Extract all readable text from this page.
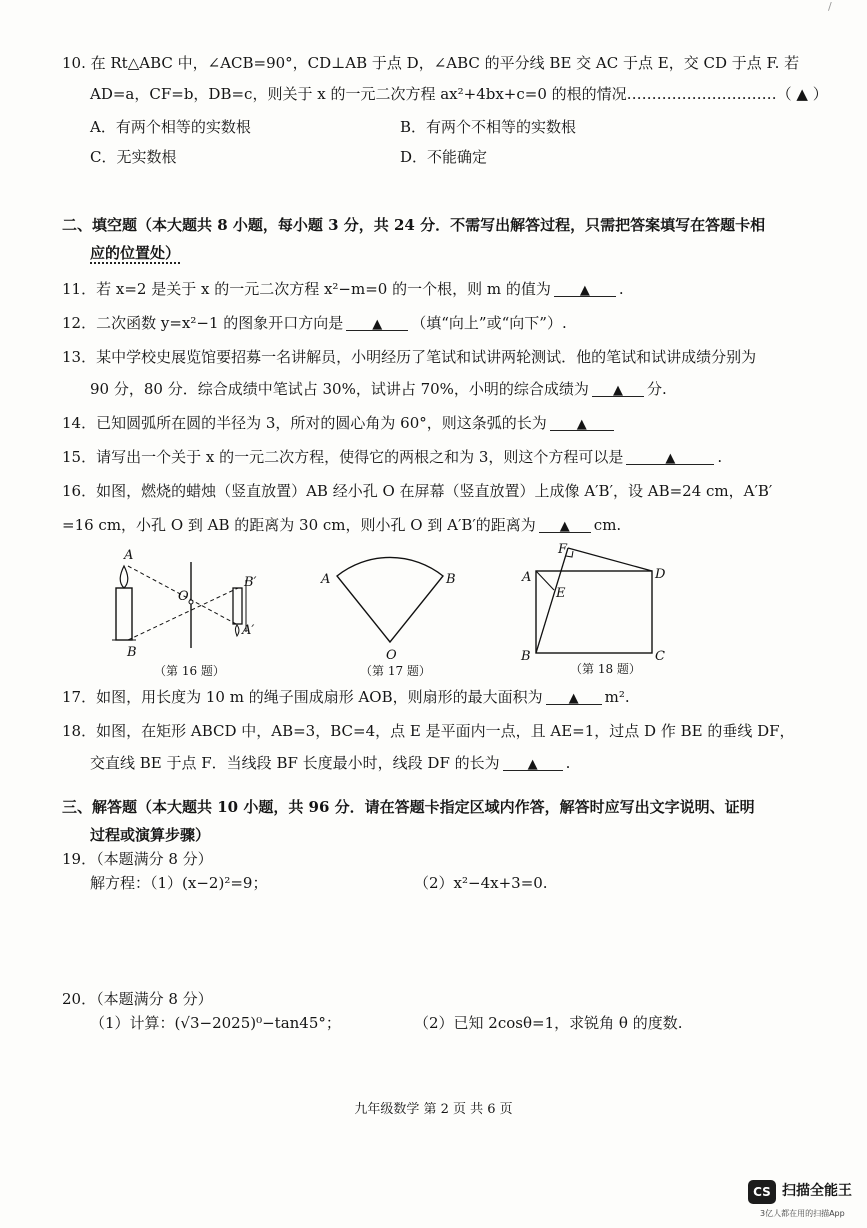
/
10. 在 Rt△ABC 中，∠ACB=90°，CD⊥AB 于点 D，∠ABC 的平分线 BE 交 AC 于点 E，交 CD 于点 F. 若
AD=a，CF=b，DB=c，则关于 x 的一元二次方程 ax²+4bx+c=0 的根的情况…………………………（ ▲ ）
A．有两个相等的实数根	B．有两个不相等的实数根
C．无实数根	D．不能确定
二、填空题（本大题共 8 小题，每小题 3 分，共 24 分．不需写出解答过程，只需把答案填写在答题卡相
应的位置处）
11．若 x=2 是关于 x 的一元二次方程 x²−m=0 的一个根，则 m 的值为 ▲ .
12．二次函数 y=x²−1 的图象开口方向是 ▲ （填“向上”或“向下”）.
13．某中学校史展览馆要招募一名讲解员，小明经历了笔试和试讲两轮测试．他的笔试和试讲成绩分别为
90 分，80 分．综合成绩中笔试占 30%，试讲占 70%，小明的综合成绩为 ▲ 分.
14．已知圆弧所在圆的半径为 3，所对的圆心角为 60°，则这条弧的长为 ▲
15．请写出一个关于 x 的一元二次方程，使得它的两根之和为 3，则这个方程可以是	▲	.
16．如图，燃烧的蜡烛（竖直放置）AB 经小孔 O 在屏幕（竖直放置）上成像 A′B′，设 AB=24 cm，A′B′
=16 cm，小孔 O 到 AB 的距离为 30 cm，则小孔 O 到 A′B′的距离为 ▲ cm.
A
B
O
B′
A′
A	B
O
F
A	D
E
B	C
（第 16 题）	（第 17 题）	（第 18 题）
17．如图，用长度为 10 m 的绳子围成扇形 AOB，则扇形的最大面积为 ▲ m².
18．如图，在矩形 ABCD 中，AB=3，BC=4，点 E 是平面内一点，且 AE=1，过点 D 作 BE 的垂线 DF，
交直线 BE 于点 F．当线段 BF 长度最小时，线段 DF 的长为 ▲ .
三、解答题（本大题共 10 小题，共 96 分．请在答题卡指定区域内作答，解答时应写出文字说明、证明
过程或演算步骤）
19．（本题满分 8 分）
解方程：（1）(x−2)²=9；	（2）x²−4x+3=0.
20．（本题满分 8 分）
（1）计算：(√3−2025)⁰−tan45°；	（2）已知 2cosθ=1，求锐角 θ 的度数.
九年级数学 第 2 页 共 6 页
CS 扫描全能王
3亿人都在用的扫描App
